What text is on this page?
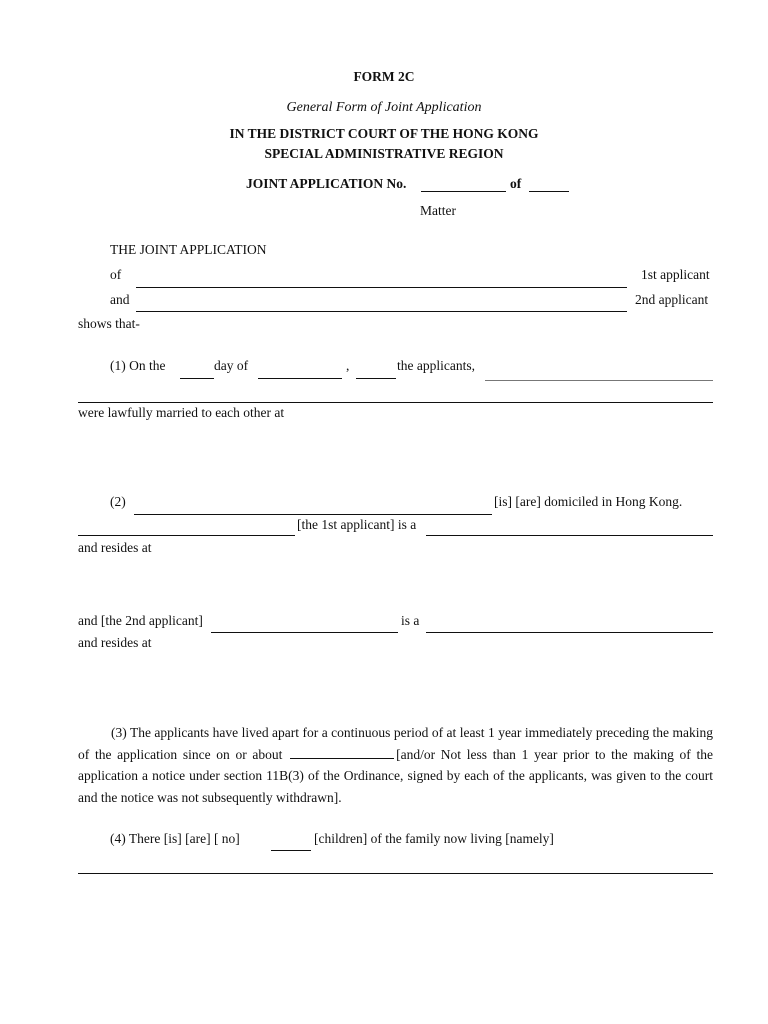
FORM 2C
General Form of Joint Application
IN THE DISTRICT COURT OF THE HONG KONG
SPECIAL ADMINISTRATIVE REGION
JOINT APPLICATION No.	of
Matter
THE JOINT APPLICATION
of	1st applicant
and	2nd applicant
shows that-
(1) On the	day of	,	the applicants,
were lawfully married to each other at
(2)	[is] [are] domiciled in Hong Kong.
[the 1st applicant] is a
and resides at
and [the 2nd applicant]	is a
and resides at
(3) The applicants have lived apart for a continuous period of at least 1 year immediately preceding the making of the application since on or about	[and/or Not less than 1 year prior to the making of the application a notice under section 11B(3) of the Ordinance, signed by each of the applicants, was given to the court and the notice was not subsequently withdrawn].
(4) There [is] [are] [ no]	[children] of the family now living [namely]
